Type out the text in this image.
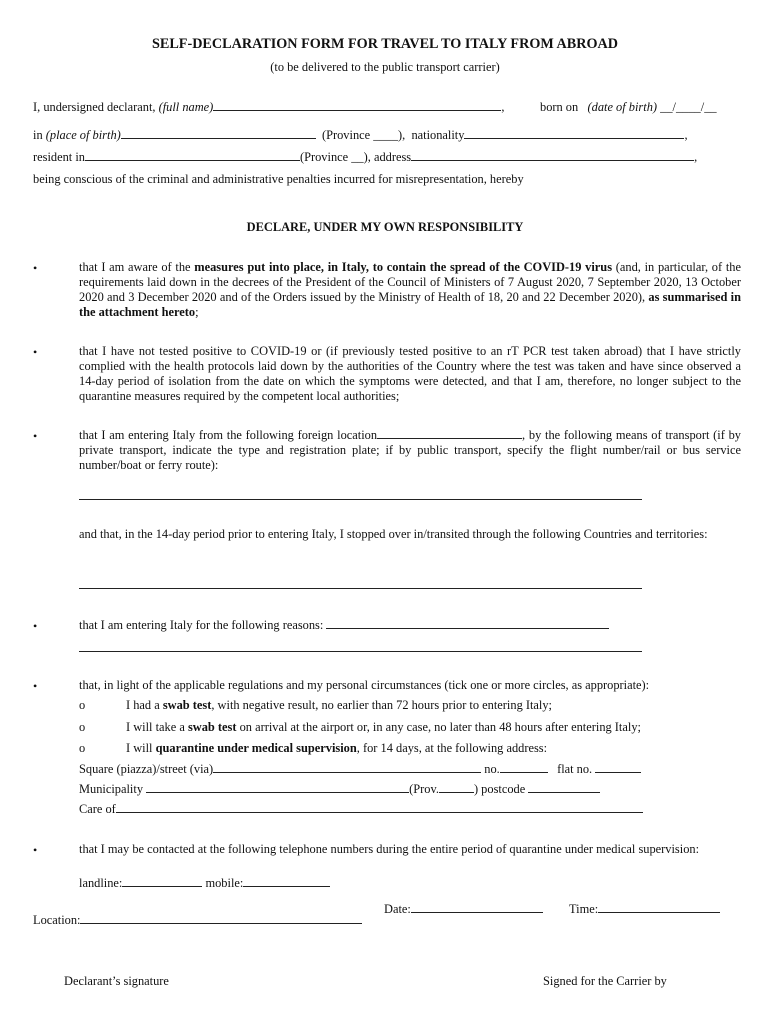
SELF-DECLARATION FORM FOR TRAVEL TO ITALY FROM ABROAD
(to be delivered to the public transport carrier)
I, undersigned declarant, (full name)	,	born on (date of birth) __/____/__
in (place of birth)	(Province ____), nationality	,
resident in	(Province __), address	,
being conscious of the criminal and administrative penalties incurred for misrepresentation, hereby
DECLARE, UNDER MY OWN RESPONSIBILITY
•	that I am aware of the measures put into place, in Italy, to contain the spread of the COVID-19 virus (and, in particular, of the requirements laid down in the decrees of the President of the Council of Ministers of 7 August 2020, 7 September 2020, 13 October 2020 and 3 December 2020 and of the Orders issued by the Ministry of Health of 18, 20 and 22 December 2020), as summarised in the attachment hereto;
•	that I have not tested positive to COVID-19 or (if previously tested positive to an rT PCR test taken abroad) that I have strictly complied with the health protocols laid down by the authorities of the Country where the test was taken and have since observed a 14-day period of isolation from the date on which the symptoms were detected, and that I am, therefore, no longer subject to the quarantine measures required by the competent local authorities;
•	that I am entering Italy from the following foreign location	, by the following means of transport (if by private transport, indicate the type and registration plate; if by public transport, specify the flight number/rail or bus service number/boat or ferry route):
and that, in the 14-day period prior to entering Italy, I stopped over in/transited through the following Countries and territories:
•	that I am entering Italy for the following reasons:
•	that, in light of the applicable regulations and my personal circumstances (tick one or more circles, as appropriate):
o	I had a swab test, with negative result, no earlier than 72 hours prior to entering Italy;
o	I will take a swab test on arrival at the airport or, in any case, no later than 48 hours after entering Italy;
o	I will quarantine under medical supervision, for 14 days, at the following address:
Square (piazza)/street (via)	no.	flat no.
Municipality	(Prov.	) postcode
Care of
•	that I may be contacted at the following telephone numbers during the entire period of quarantine under medical supervision:
landline:	mobile:
Date:	Time:
Location:
Declarant’s signature	Signed for the Carrier by
